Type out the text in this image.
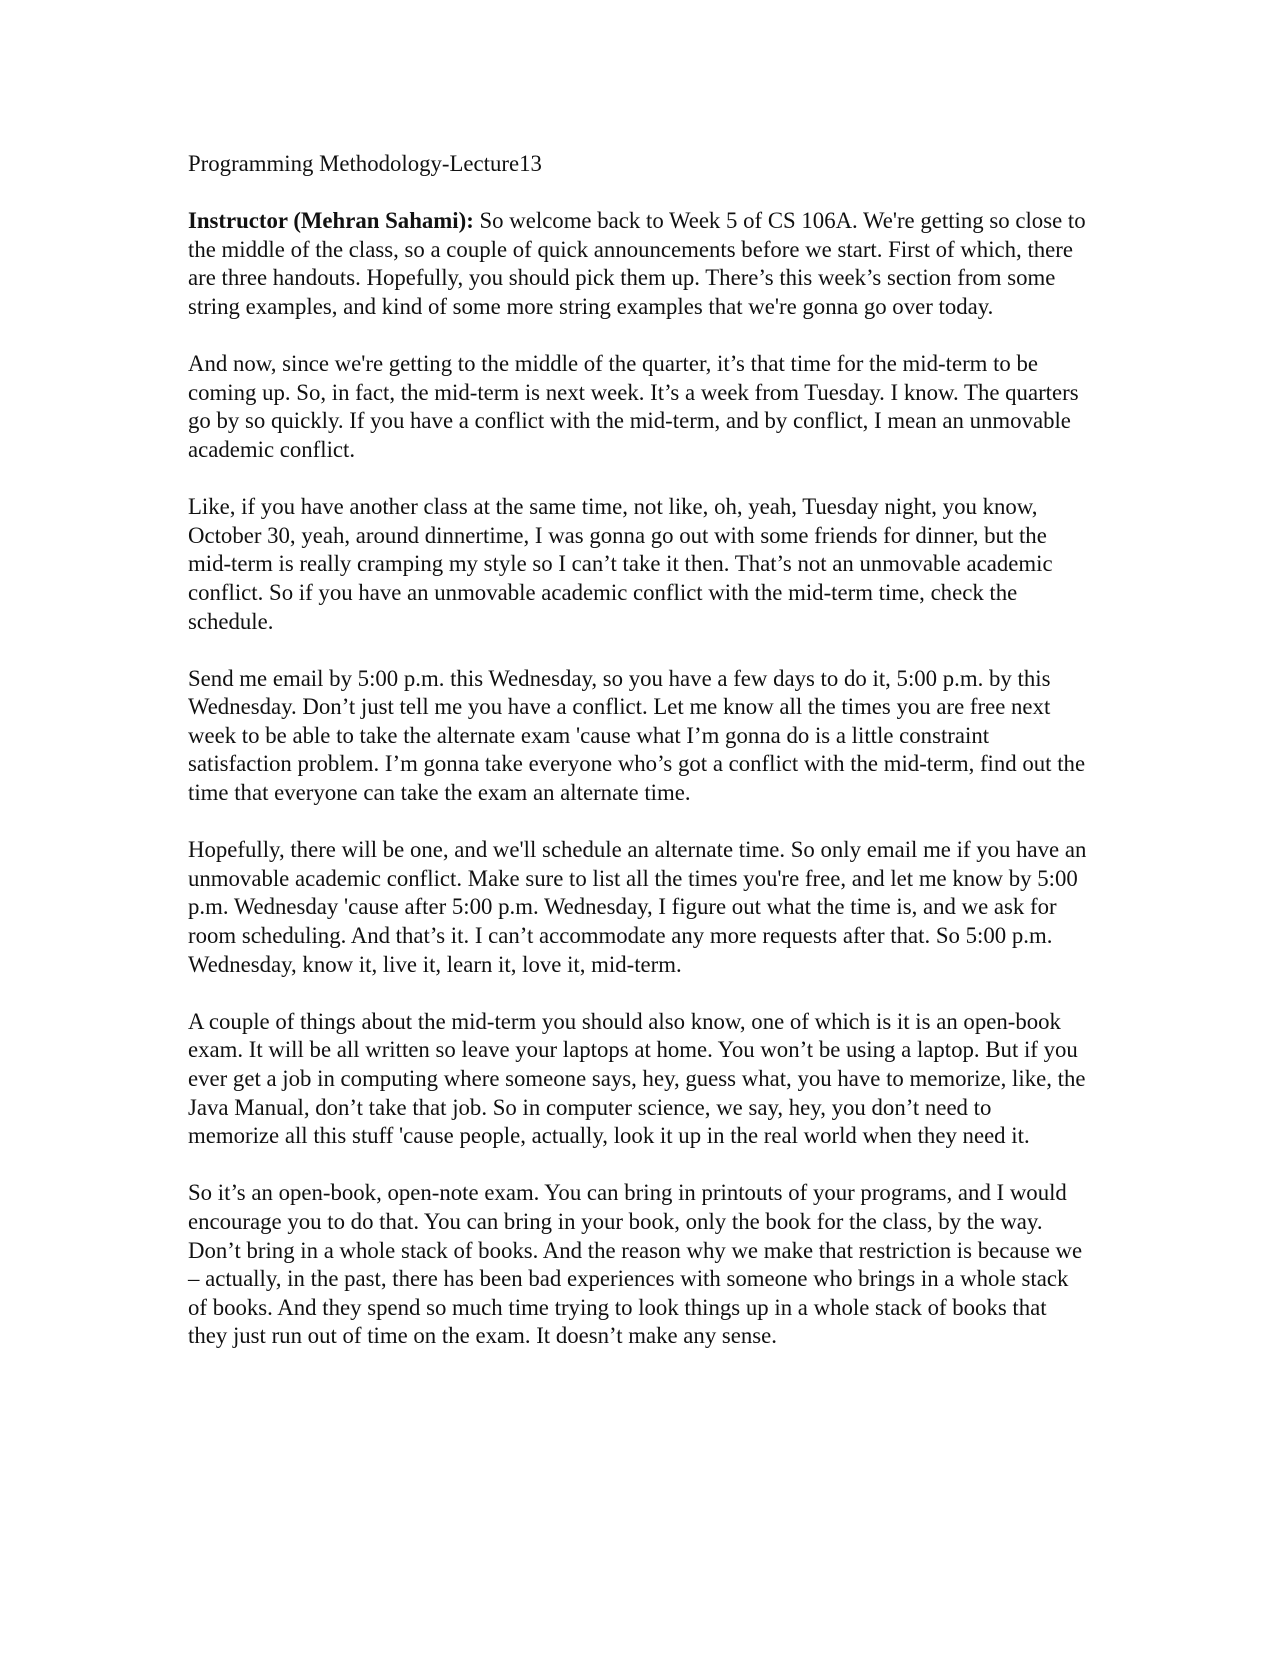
Programming Methodology-Lecture13

Instructor (Mehran Sahami): So welcome back to Week 5 of CS 106A. We're getting so close to the middle of the class, so a couple of quick announcements before we start. First of which, there are three handouts. Hopefully, you should pick them up. There’s this week’s section from some string examples, and kind of some more string examples that we're gonna go over today.

And now, since we're getting to the middle of the quarter, it’s that time for the mid-term to be coming up. So, in fact, the mid-term is next week. It’s a week from Tuesday. I know. The quarters go by so quickly. If you have a conflict with the mid-term, and by conflict, I mean an unmovable academic conflict.

Like, if you have another class at the same time, not like, oh, yeah, Tuesday night, you know, October 30, yeah, around dinnertime, I was gonna go out with some friends for dinner, but the mid-term is really cramping my style so I can’t take it then. That’s not an unmovable academic conflict. So if you have an unmovable academic conflict with the mid-term time, check the schedule.

Send me email by 5:00 p.m. this Wednesday, so you have a few days to do it, 5:00 p.m. by this Wednesday. Don’t just tell me you have a conflict. Let me know all the times you are free next week to be able to take the alternate exam 'cause what I’m gonna do is a little constraint satisfaction problem. I’m gonna take everyone who’s got a conflict with the mid-term, find out the time that everyone can take the exam an alternate time.

Hopefully, there will be one, and we'll schedule an alternate time. So only email me if you have an unmovable academic conflict. Make sure to list all the times you're free, and let me know by 5:00 p.m. Wednesday 'cause after 5:00 p.m. Wednesday, I figure out what the time is, and we ask for room scheduling. And that’s it. I can’t accommodate any more requests after that. So 5:00 p.m. Wednesday, know it, live it, learn it, love it, mid-term.

A couple of things about the mid-term you should also know, one of which is it is an open-book exam. It will be all written so leave your laptops at home. You won’t be using a laptop. But if you ever get a job in computing where someone says, hey, guess what, you have to memorize, like, the Java Manual, don’t take that job. So in computer science, we say, hey, you don’t need to memorize all this stuff 'cause people, actually, look it up in the real world when they need it.

So it’s an open-book, open-note exam. You can bring in printouts of your programs, and I would encourage you to do that. You can bring in your book, only the book for the class, by the way. Don’t bring in a whole stack of books. And the reason why we make that restriction is because we – actually, in the past, there has been bad experiences with someone who brings in a whole stack of books. And they spend so much time trying to look things up in a whole stack of books that they just run out of time on the exam. It doesn’t make any sense.
